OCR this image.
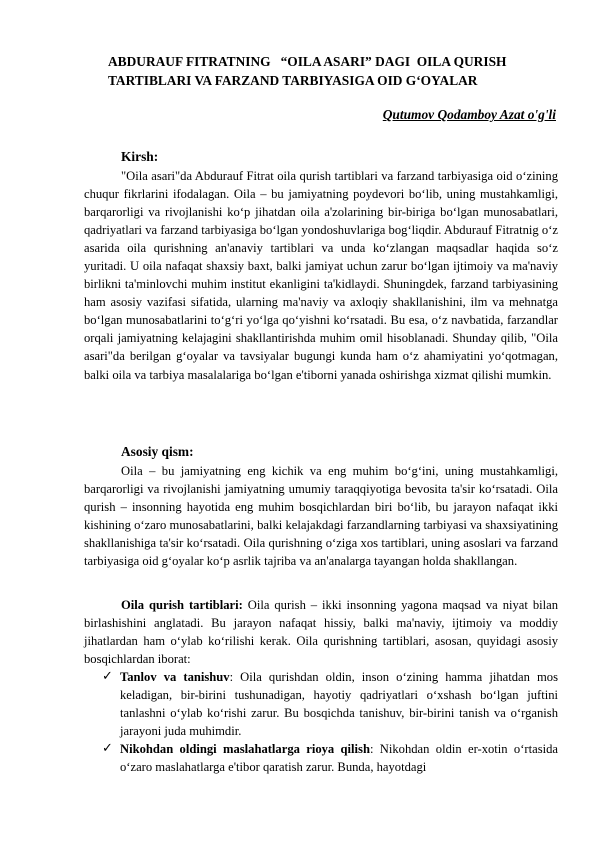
ABDURAUF FITRATNING   “OILA ASARI” DAGI  OILA QURISH
TARTIBLARI VA FARZAND TARBIYASIGA OID G‘OYALAR
Qutumov Qodamboy Azat o'g'li
Kirsh:
"Oila asari"da Abdurauf Fitrat oila qurish tartiblari va farzand tarbiyasiga oid o‘zining chuqur fikrlarini ifodalagan. Oila – bu jamiyatning poydevori bo‘lib, uning mustahkamligi, barqarorligi va rivojlanishi ko‘p jihatdan oila a'zolarining bir-biriga bo‘lgan munosabatlari, qadriyatlari va farzand tarbiyasiga bo‘lgan yondoshuvlariga bog‘liqdir. Abdurauf Fitratnig o‘z asarida oila qurishning an'anaviy tartiblari va unda ko‘zlangan maqsadlar haqida so‘z yuritadi. U oila nafaqat shaxsiy baxt, balki jamiyat uchun zarur bo‘lgan ijtimoiy va ma'naviy birlikni ta'minlovchi muhim institut ekanligini ta'kidlaydi. Shuningdek, farzand tarbiyasining ham asosiy vazifasi sifatida, ularning ma'naviy va axloqiy shakllanishini, ilm va mehnatga bo‘lgan munosabatlarini to‘g‘ri yo‘lga qo‘yishni ko‘rsatadi. Bu esa, o‘z navbatida, farzandlar orqali jamiyatning kelajagini shakllantirishda muhim omil hisoblanadi. Shunday qilib, "Oila asari"da berilgan g‘oyalar va tavsiyalar bugungi kunda ham o‘z ahamiyatini yo‘qotmagan, balki oila va tarbiya masalalariga bo‘lgan e'tiborni yanada oshirishga xizmat qilishi mumkin.
Asosiy qism:
Oila – bu jamiyatning eng kichik va eng muhim bo‘g‘ini, uning mustahkamligi, barqarorligi va rivojlanishi jamiyatning umumiy taraqqiyotiga bevosita ta'sir ko‘rsatadi. Oila qurish – insonning hayotida eng muhim bosqichlardan biri bo‘lib, bu jarayon nafaqat ikki kishining o‘zaro munosabatlarini, balki kelajakdagi farzandlarning tarbiyasi va shaxsiyatining shakllanishiga ta'sir ko‘rsatadi. Oila qurishning o‘ziga xos tartiblari, uning asoslari va farzand tarbiyasiga oid g‘oyalar ko‘p asrlik tajriba va an'analarga tayangan holda shakllangan.
Oila qurish tartiblari: Oila qurish – ikki insonning yagona maqsad va niyat bilan birlashishini anglatadi. Bu jarayon nafaqat hissiy, balki ma'naviy, ijtimoiy va moddiy jihatlardan ham o‘ylab ko‘rilishi kerak. Oila qurishning tartiblari, asosan, quyidagi asosiy bosqichlardan iborat:
✓ Tanlov va tanishuv: Oila qurishdan oldin, inson o‘zining hamma jihatdan mos keladigan, bir-birini tushunadigan, hayotiy qadriyatlari o‘xshash bo‘lgan juftini tanlashni o‘ylab ko‘rishi zarur. Bu bosqichda tanishuv, bir-birini tanish va o‘rganish jarayoni juda muhimdir.
✓ Nikohdan oldingi maslahatlarga rioya qilish: Nikohdan oldin er-xotin o‘rtasida o‘zaro maslahatlarga e'tibor qaratish zarur. Bunda, hayotdagi
